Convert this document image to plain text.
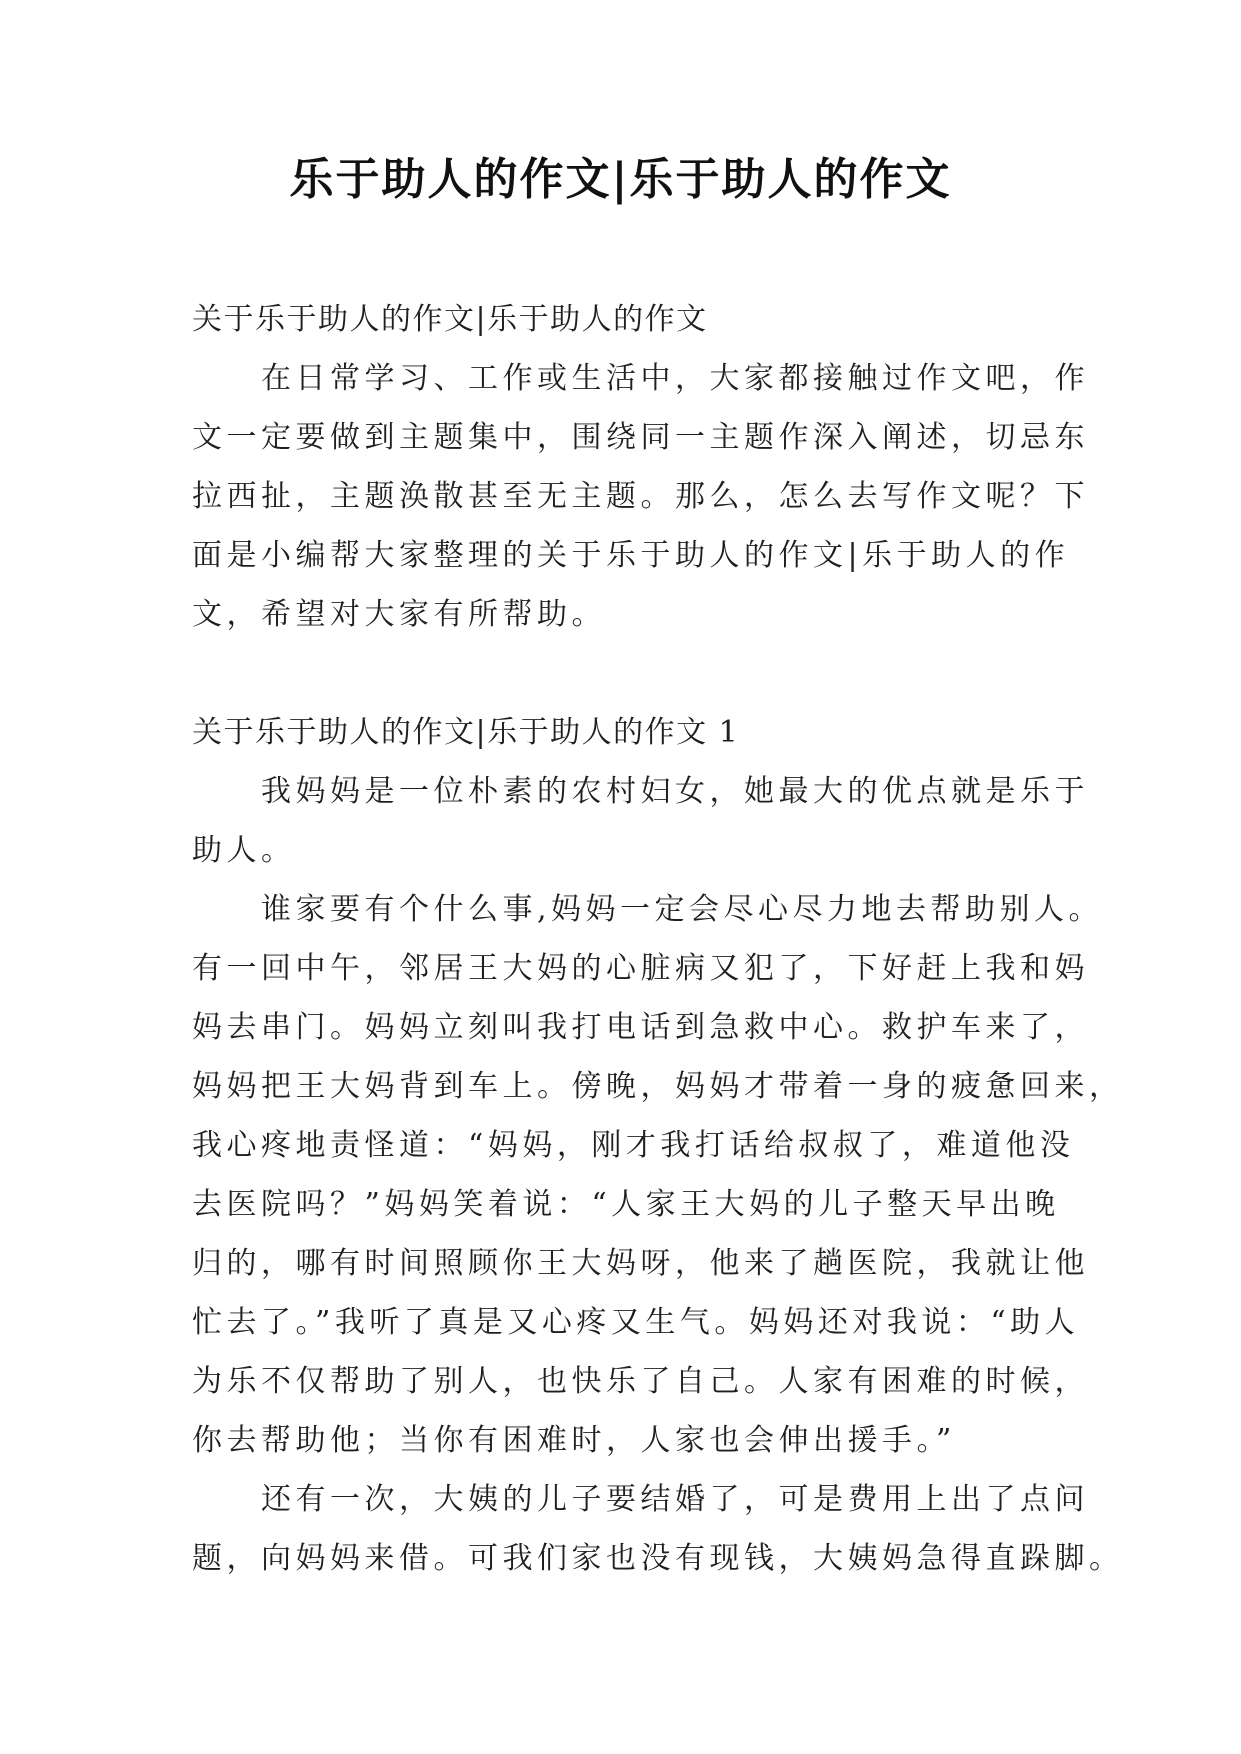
乐于助人的作文|乐于助人的作文
关于乐于助人的作文|乐于助人的作文
　　在日常学习、工作或生活中，大家都接触过作文吧，作
文一定要做到主题集中，围绕同一主题作深入阐述，切忌东
拉西扯，主题涣散甚至无主题。那么，怎么去写作文呢？下
面是小编帮大家整理的关于乐于助人的作文|乐于助人的作
文，希望对大家有所帮助。
关于乐于助人的作文|乐于助人的作文 1
　　我妈妈是一位朴素的农村妇女，她最大的优点就是乐于
助人。
　　谁家要有个什么事,妈妈一定会尽心尽力地去帮助别人。
有一回中午，邻居王大妈的心脏病又犯了，下好赶上我和妈
妈去串门。妈妈立刻叫我打电话到急救中心。救护车来了，
妈妈把王大妈背到车上。傍晚，妈妈才带着一身的疲惫回来，
我心疼地责怪道：“妈妈，刚才我打话给叔叔了，难道他没
去医院吗？”妈妈笑着说：“人家王大妈的儿子整天早出晚
归的，哪有时间照顾你王大妈呀，他来了趟医院，我就让他
忙去了。”我听了真是又心疼又生气。妈妈还对我说：“助人
为乐不仅帮助了别人，也快乐了自己。人家有困难的时候，
你去帮助他；当你有困难时，人家也会伸出援手。”
　　还有一次，大姨的儿子要结婚了，可是费用上出了点问
题，向妈妈来借。可我们家也没有现钱，大姨妈急得直跺脚。
